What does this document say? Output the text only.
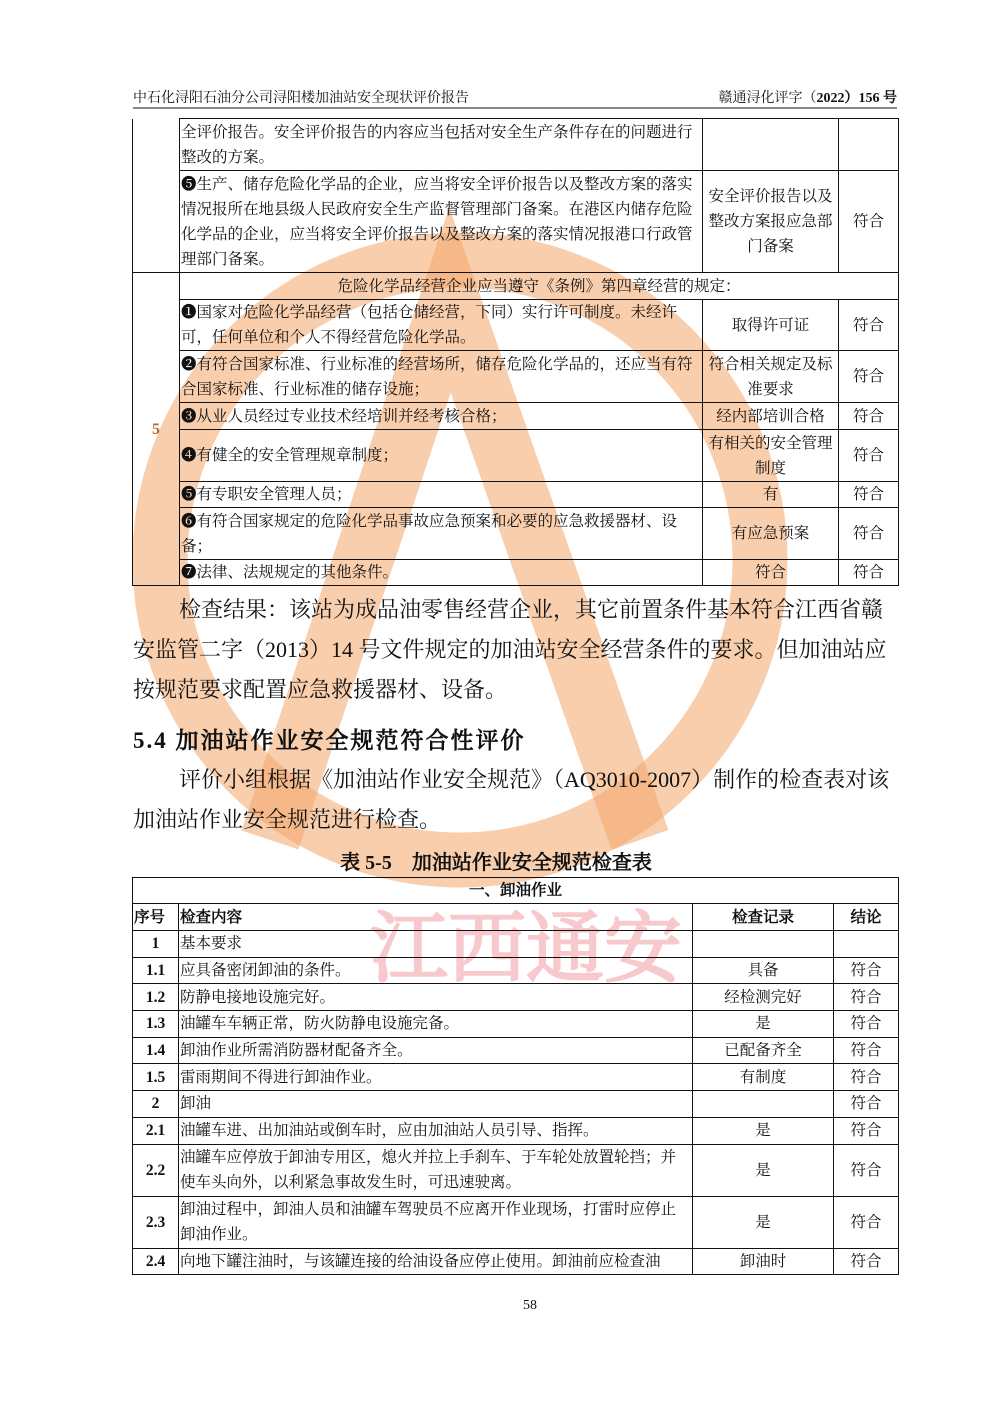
江西通安
中石化浔阳石油分公司浔阳楼加油站安全现状评价报告	赣通浔化评字（2022）156 号
	全评价报告。安全评价报告的内容应当包括对安全生产条件存在的问题进行整改的方案。		
	❺生产、储存危险化学品的企业，应当将安全评价报告以及整改方案的落实情况报所在地县级人民政府安全生产监督管理部门备案。在港区内储存危险化学品的企业，应当将安全评价报告以及整改方案的落实情况报港口行政管理部门备案。	安全评价报告以及整改方案报应急部门备案	符合
5	危险化学品经营企业应当遵守《条例》第四章经营的规定：		
	❶国家对危险化学品经营（包括仓储经营，下同）实行许可制度。未经许可，任何单位和个人不得经营危险化学品。	取得许可证	符合
	❷有符合国家标准、行业标准的经营场所，储存危险化学品的，还应当有符合国家标准、行业标准的储存设施；	符合相关规定及标准要求	符合
	❸从业人员经过专业技术经培训并经考核合格；	经内部培训合格	符合
	❹有健全的安全管理规章制度；	有相关的安全管理制度	符合
	❺有专职安全管理人员；	有	符合
	❻有符合国家规定的危险化学品事故应急预案和必要的应急救援器材、设备；	有应急预案	符合
	❼法律、法规规定的其他条件。	符合	符合
检查结果：该站为成品油零售经营企业，其它前置条件基本符合江西省赣安监管二字（2013）14 号文件规定的加油站安全经营条件的要求。但加油站应按规范要求配置应急救援器材、设备。
5.4 加油站作业安全规范符合性评价
评价小组根据《加油站作业安全规范》（AQ3010-2007）制作的检查表对该加油站作业安全规范进行检查。
表 5-5　加油站作业安全规范检查表
一、卸油作业			
序号	检查内容	检查记录	结论
1	基本要求		
1.1	应具备密闭卸油的条件。	具备	符合
1.2	防静电接地设施完好。	经检测完好	符合
1.3	油罐车车辆正常，防火防静电设施完备。	是	符合
1.4	卸油作业所需消防器材配备齐全。	已配备齐全	符合
1.5	雷雨期间不得进行卸油作业。	有制度	符合
2	卸油		符合
2.1	油罐车进、出加油站或倒车时，应由加油站人员引导、指挥。	是	符合
2.2	油罐车应停放于卸油专用区，熄火并拉上手刹车、于车轮处放置轮挡；并使车头向外，以利紧急事故发生时，可迅速驶离。	是	符合
2.3	卸油过程中，卸油人员和油罐车驾驶员不应离开作业现场，打雷时应停止卸油作业。	是	符合
2.4	向地下罐注油时，与该罐连接的给油设备应停止使用。卸油前应检查油	卸油时	符合
58
